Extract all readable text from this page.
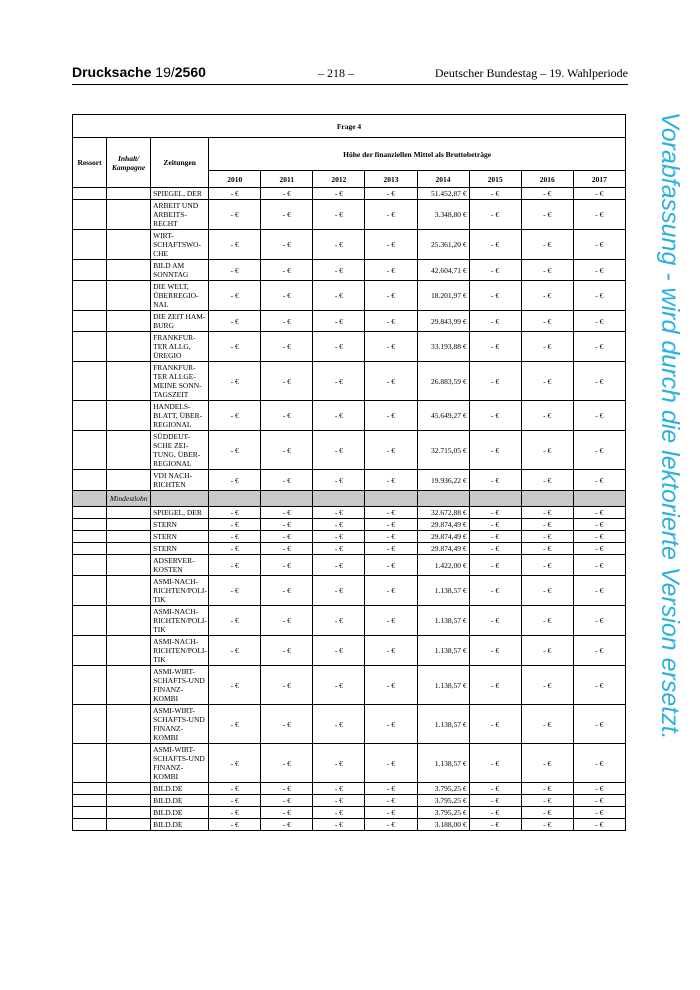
Drucksache 19/2560	– 218 –	Deutscher Bundestag – 19. Wahlperiode
Vorabfassung - wird durch die lektorierte Version ersetzt.
Frage 4										
Ressort	Inhalt/ Kampagne	Zeitungen	Höhe der finanziellen Mittel als Bruttobeträge							
			2010	2011	2012	2013	2014	2015	2016	2017
		SPIEGEL, DER	- €	- €	- €	- €	51.452,87 €	- €	- €	- €
		ARBEIT UND ARBEITS-RECHT	- €	- €	- €	- €	3.348,80 €	- €	- €	- €
		WIRT-SCHAFTSWO-CHE	- €	- €	- €	- €	25.361,20 €	- €	- €	- €
		BILD AM SONNTAG	- €	- €	- €	- €	42.604,71 €	- €	- €	- €
		DIE WELT, ÜBERREGIO-NAL	- €	- €	- €	- €	18.201,97 €	- €	- €	- €
		DIE ZEIT HAM-BURG	- €	- €	- €	- €	29.843,99 €	- €	- €	- €
		FRANKFUR-TER ALLG, ÜREGIO	- €	- €	- €	- €	33.193,88 €	- €	- €	- €
		FRANKFUR-TER ALLGE-MEINE SONN-TAGSZEIT	- €	- €	- €	- €	26.883,59 €	- €	- €	- €
		HANDELS-BLATT, ÜBER-REGIONAL	- €	- €	- €	- €	45.649,27 €	- €	- €	- €
		SÜDDEUT-SCHE ZEI-TUNG, ÜBER-REGIONAL	- €	- €	- €	- €	32.715,05 €	- €	- €	- €
		VDI NACH-RICHTEN	- €	- €	- €	- €	19.936,22 €	- €	- €	- €
	Mindestlohn									
		SPIEGEL, DER	- €	- €	- €	- €	32.672,88 €	- €	- €	- €
		STERN	- €	- €	- €	- €	29.874,49 €	- €	- €	- €
		STERN	- €	- €	- €	- €	29.874,49 €	- €	- €	- €
		STERN	- €	- €	- €	- €	29.874,49 €	- €	- €	- €
		ADSERVER-KOSTEN	- €	- €	- €	- €	1.422,00 €	- €	- €	- €
		ASMI-NACH-RICHTEN/POLI-TIK	- €	- €	- €	- €	1.138,57 €	- €	- €	- €
		ASMI-NACH-RICHTEN/POLI-TIK	- €	- €	- €	- €	1.138,57 €	- €	- €	- €
		ASMI-NACH-RICHTEN/POLI-TIK	- €	- €	- €	- €	1.138,57 €	- €	- €	- €
		ASMI-WIRT-SCHAFTS-UND FINANZ-KOMBI	- €	- €	- €	- €	1.138,57 €	- €	- €	- €
		ASMI-WIRT-SCHAFTS-UND FINANZ-KOMBI	- €	- €	- €	- €	1.138,57 €	- €	- €	- €
		ASMI-WIRT-SCHAFTS-UND FINANZ-KOMBI	- €	- €	- €	- €	1.138,57 €	- €	- €	- €
		BILD.DE	- €	- €	- €	- €	3.795,25 €	- €	- €	- €
		BILD.DE	- €	- €	- €	- €	3.795,25 €	- €	- €	- €
		BILD.DE	- €	- €	- €	- €	3.795,25 €	- €	- €	- €
		BILD.DE	- €	- €	- €	- €	3.188,00 €	- €	- €	- €
